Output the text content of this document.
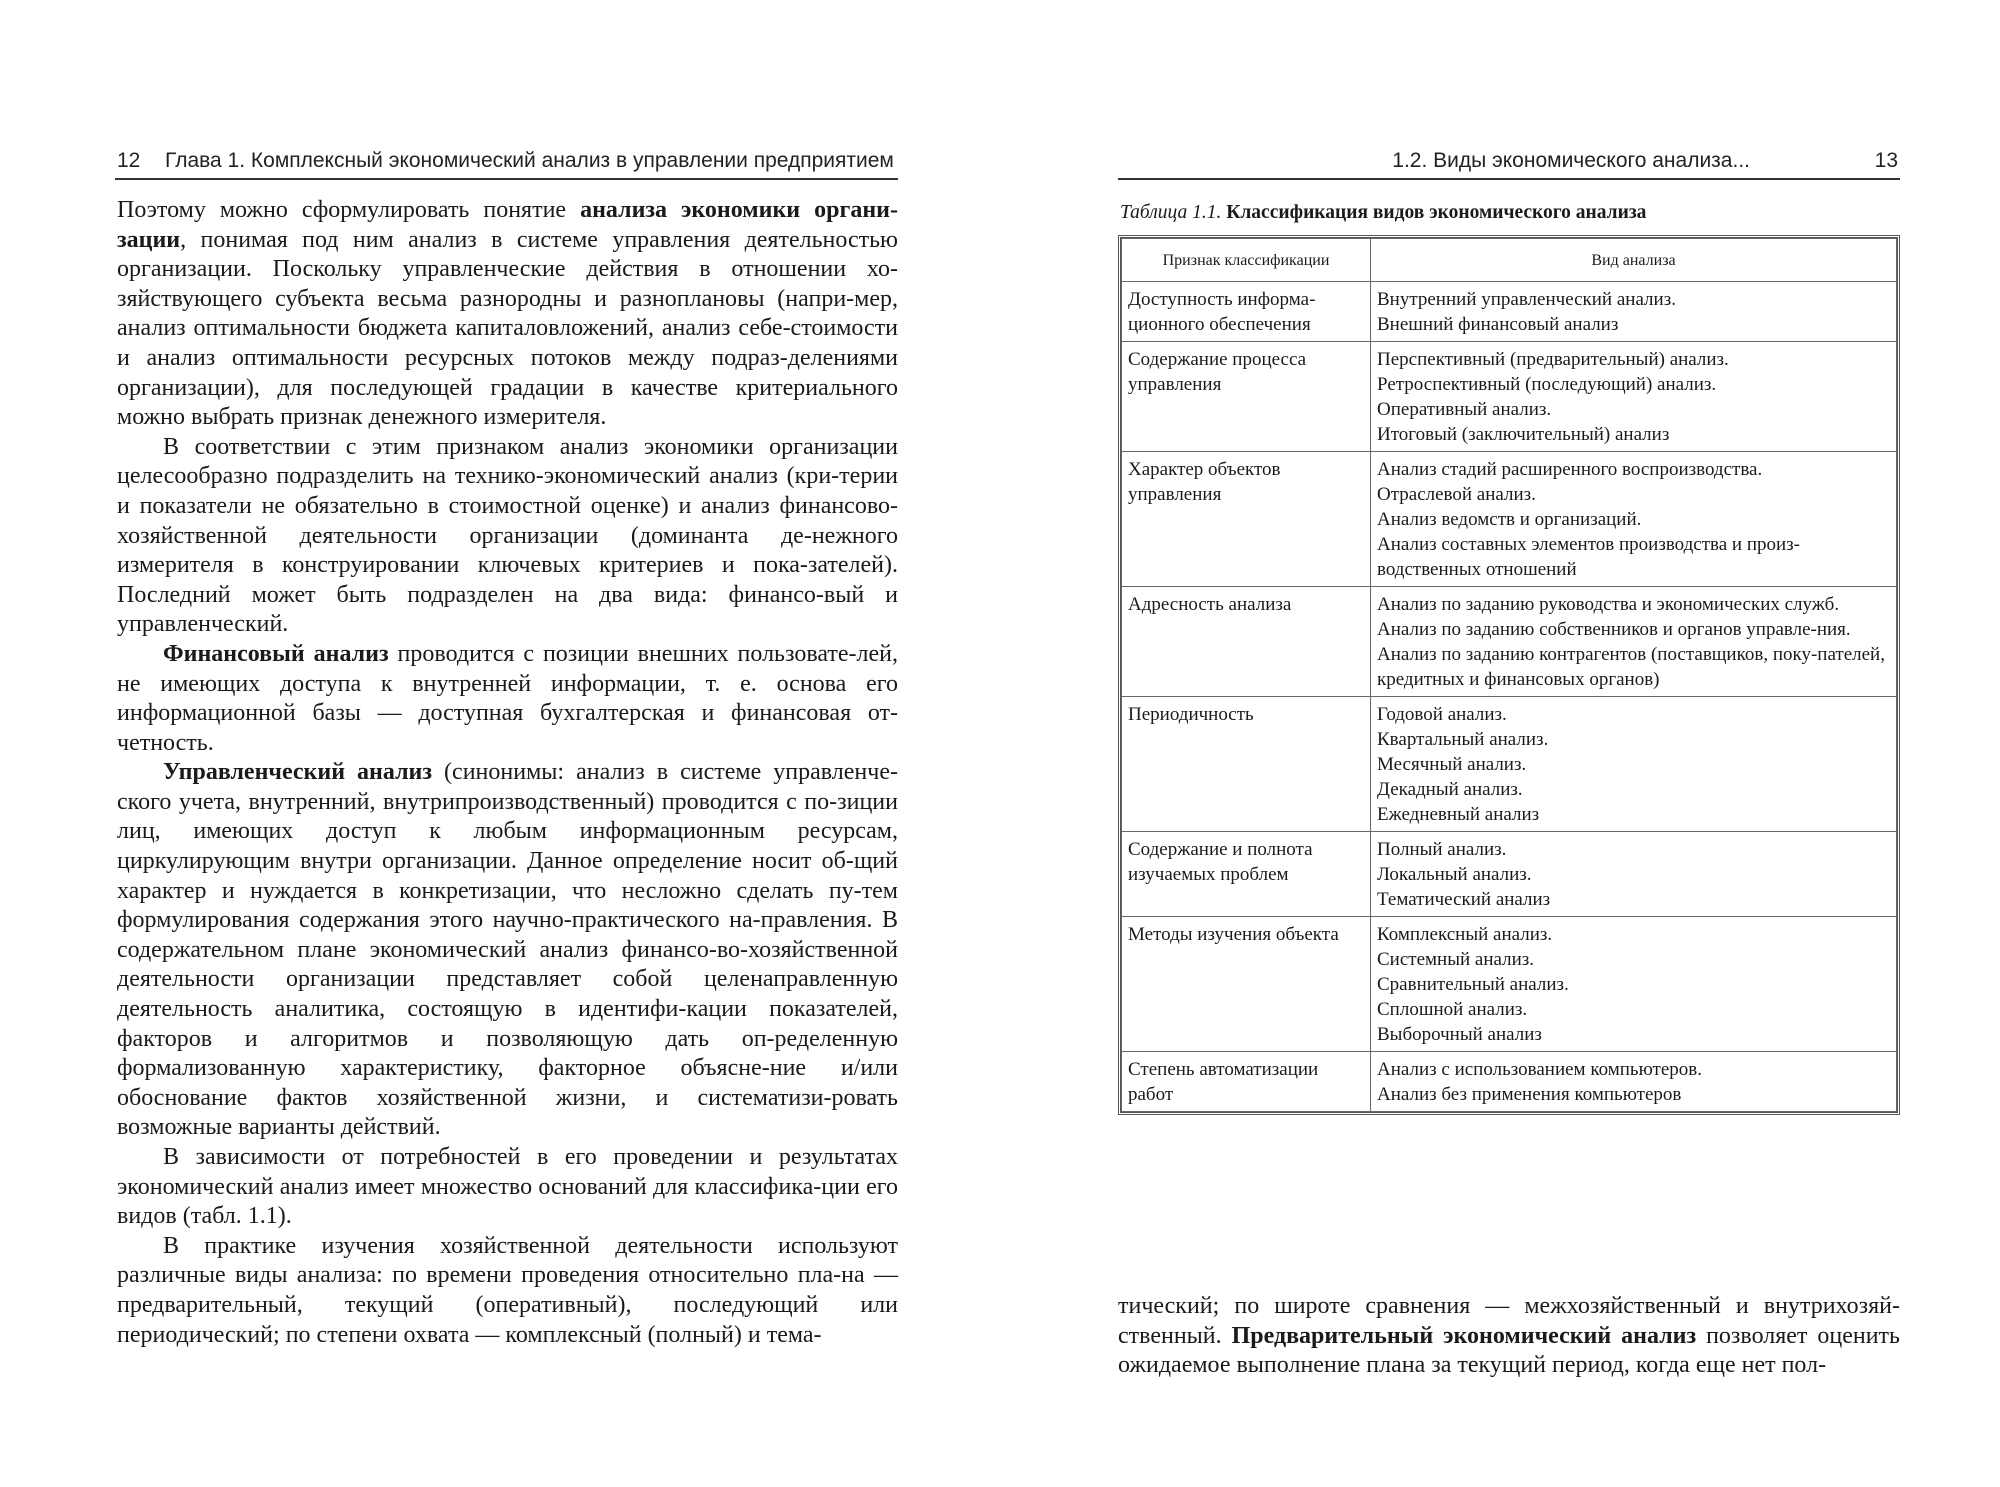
12 Глава 1. Комплексный экономический анализ в управлении предприятием

Поэтому можно сформулировать понятие анализа экономики органи-зации, понимая под ним анализ в системе управления деятельностью организации. Поскольку управленческие действия в отношении хо-зяйствующего субъекта весьма разнородны и разноплановы (напри-мер, анализ оптимальности бюджета капиталовложений, анализ себе-стоимости и анализ оптимальности ресурсных потоков между подраз-делениями организации), для последующей градации в качестве критериального можно выбрать признак денежного измерителя.

В соответствии с этим признаком анализ экономики организации целесообразно подразделить на технико-экономический анализ (кри-терии и показатели не обязательно в стоимостной оценке) и анализ финансово-хозяйственной деятельности организации (доминанта де-нежного измерителя в конструировании ключевых критериев и пока-зателей). Последний может быть подразделен на два вида: финансо-вый и управленческий.

Финансовый анализ проводится с позиции внешних пользовате-лей, не имеющих доступа к внутренней информации, т. е. основа его информационной базы — доступная бухгалтерская и финансовая от-четность.

Управленческий анализ (синонимы: анализ в системе управленче-ского учета, внутренний, внутрипроизводственный) проводится с по-зиции лиц, имеющих доступ к любым информационным ресурсам, циркулирующим внутри организации. Данное определение носит об-щий характер и нуждается в конкретизации, что несложно сделать пу-тем формулирования содержания этого научно-практического на-правления. В содержательном плане экономический анализ финансо-во-хозяйственной деятельности организации представляет собой целенаправленную деятельность аналитика, состоящую в идентифи-кации показателей, факторов и алгоритмов и позволяющую дать оп-ределенную формализованную характеристику, факторное объясне-ние и/или обоснование фактов хозяйственной жизни, и систематизи-ровать возможные варианты действий.

В зависимости от потребностей в его проведении и результатах экономический анализ имеет множество оснований для классифика-ции его видов (табл. 1.1).

В практике изучения хозяйственной деятельности используют различные виды анализа: по времени проведения относительно пла-на — предварительный, текущий (оперативный), последующий или периодический; по степени охвата — комплексный (полный) и тема-

1.2. Виды экономического анализа...	13
Таблица 1.1. Классификация видов экономического анализа
Признак классификации	Вид анализа
Доступность информа-ционного обеспечения	Внутренний управленческий анализ.
Внешний финансовый анализ

Содержание процесса управления	Перспективный (предварительный) анализ.
Ретроспективный (последующий) анализ.
Оперативный анализ.
Итоговый (заключительный) анализ

Характер объектов управления	Анализ стадий расширенного воспроизводства.
Отраслевой анализ.
Анализ ведомств и организаций.
Анализ составных элементов производства и произ-водственных отношений

Адресность анализа	Анализ по заданию руководства и экономических служб.
Анализ по заданию собственников и органов управле-ния.
Анализ по заданию контрагентов (поставщиков, поку-пателей, кредитных и финансовых органов)

Периодичность	Годовой анализ.
Квартальный анализ.
Месячный анализ.
Декадный анализ.
Ежедневный анализ

Содержание и полнота изучаемых проблем	Полный анализ.
Локальный анализ.
Тематический анализ

Методы изучения объекта	Комплексный анализ.
Системный анализ.
Сравнительный анализ.
Сплошной анализ.
Выборочный анализ

Степень автоматизации работ	Анализ с использованием компьютеров.
Анализ без применения компьютеров

тический; по широте сравнения — межхозяйственный и внутрихозяй-ственный. Предварительный экономический анализ позволяет оценить ожидаемое выполнение плана за текущий период, когда еще нет пол-
